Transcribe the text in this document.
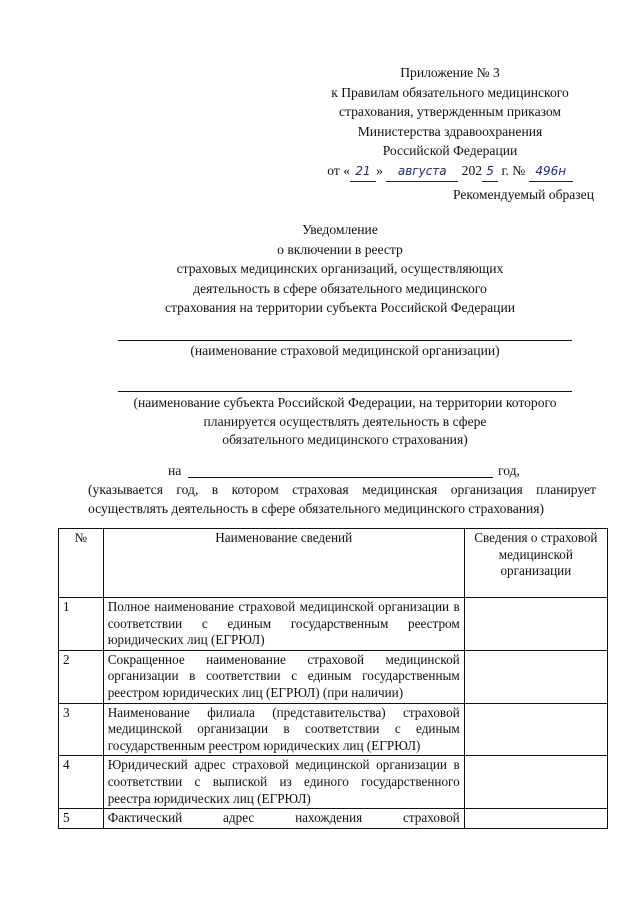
Приложение № 3
к Правилам обязательного медицинского
страхования, утвержденным приказом
Министерства здравоохранения
Российской Федерации
от « 21 » августа 202 5 г. № 496н
Рекомендуемый образец
Уведомление
о включении в реестр
страховых медицинских организаций, осуществляющих
деятельность в сфере обязательного медицинского
страхования на территории субъекта Российской Федерации
(наименование страховой медицинской организации)
(наименование субъекта Российской Федерации, на территории которого
планируется осуществлять деятельность в сфере
обязательного медицинского страхования)
на	год,
(указывается год, в котором страховая медицинская организация планирует
осуществлять деятельность в сфере обязательного медицинского страхования)
№	Наименование сведений	Сведения о страховой медицинской организации
1	Полное наименование страховой медицинской организации в соответствии с единым государственным реестром юридических лиц (ЕГРЮЛ)	
2	Сокращенное наименование страховой медицинской организации в соответствии с единым государственным реестром юридических лиц (ЕГРЮЛ) (при наличии)	
3	Наименование филиала (представительства) страховой медицинской организации в соответствии с единым государственным реестром юридических лиц (ЕГРЮЛ)	
4	Юридический адрес страховой медицинской организации в соответствии с выпиской из единого государственного реестра юридических лиц (ЕГРЮЛ)	
5	Фактический адрес нахождения страховой	
